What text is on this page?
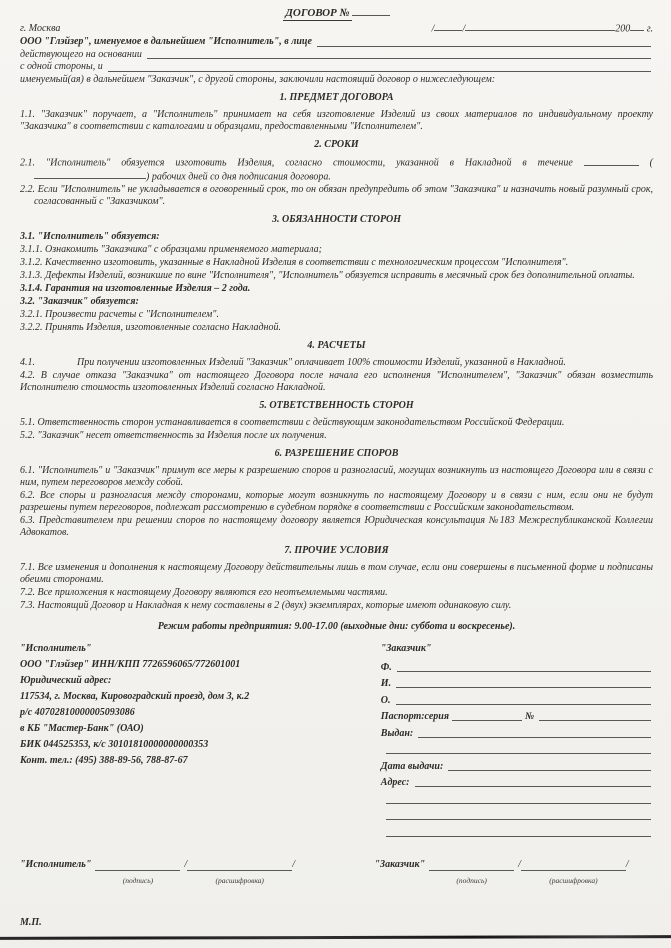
ДОГОВОР №
г. Москва	/	/	200 г.
ООО "Глэйзер", именуемое в дальнейшем "Исполнитель", в лице
действующего на основании
с одной стороны, и
именуемый(ая) в дальнейшем "Заказчик", с другой стороны, заключили настоящий договор о нижеследующем:
1. ПРЕДМЕТ ДОГОВОРА

1.1. "Заказчик" поручает, а "Исполнитель" принимает на себя изготовление Изделий из своих материалов по индивидуальному проекту "Заказчика" в соответствии с каталогами и образцами, предоставленными "Исполнителем".

2. СРОКИ

2.1. "Исполнитель" обязуется изготовить Изделия, согласно стоимости, указанной в Накладной в течение	() рабочих дней со дня подписания договора.

2.2. Если "Исполнитель" не укладывается в оговоренный срок, то он обязан предупредить об этом "Заказчика" и назначить новый разумный срок, согласованный с "Заказчиком".

3. ОБЯЗАННОСТИ СТОРОН

3.1. "Исполнитель" обязуется:

3.1.1. Ознакомить "Заказчика" с образцами применяемого материала;

3.1.2. Качественно изготовить, указанные в Накладной Изделия в соответствии с технологическим процессом "Исполнителя".

3.1.3. Дефекты Изделий, возникшие по вине "Исполнителя", "Исполнитель" обязуется исправить в месячный срок без дополнительной оплаты.

3.1.4. Гарантия на изготовленные Изделия – 2 года.

3.2. "Заказчик" обязуется:

3.2.1. Произвести расчеты с "Исполнителем".

3.2.2. Принять Изделия, изготовленные согласно Накладной.

4. РАСЧЕТЫ

4.1.	При получении изготовленных Изделий "Заказчик" оплачивает 100% стоимости Изделий, указанной в Накладной.

4.2. В случае отказа "Заказчика" от настоящего Договора после начала его исполнения "Исполнителем", "Заказчик" обязан возместить Исполнителю стоимость изготовленных Изделий согласно Накладной.

5. ОТВЕТСТВЕННОСТЬ СТОРОН

5.1. Ответственность сторон устанавливается в соответствии с действующим законодательством Российской Федерации.

5.2. "Заказчик" несет ответственность за Изделия после их получения.

6. РАЗРЕШЕНИЕ СПОРОВ

6.1. "Исполнитель" и "Заказчик" примут все меры к разрешению споров и разногласий, могущих возникнуть из настоящего Договора или в связи с ним, путем переговоров между собой.

6.2. Все споры и разногласия между сторонами, которые могут возникнуть по настоящему Договору и в связи с ним, если они не будут разрешены путем переговоров, подлежат рассмотрению в судебном порядке в соответствии с Российским законодательством.

6.3. Представителем при решении споров по настоящему договору является Юридическая консультация №183 Межреспубликанской Коллегии Адвокатов.

7. ПРОЧИЕ УСЛОВИЯ

7.1. Все изменения и дополнения к настоящему Договору действительны лишь в том случае, если они совершены в письменной форме и подписаны обеими сторонами.

7.2. Все приложения к настоящему Договору являются его неотъемлемыми частями.

7.3. Настоящий Договор и Накладная к нему составлены в 2 (двух) экземплярах, которые имеют одинаковую силу.

Режим работы предприятия: 9.00-17.00 (выходные дни: суббота и воскресенье).
"Исполнитель"
ООО "Глэйзер" ИНН/КПП 7726596065/772601001
Юридический адрес:
117534, г. Москва, Кировоградский проезд, дом 3, к.2
р/с 40702810000005093086
в КБ "Мастер-Банк" (ОАО)
БИК 044525353, к/с 30101810000000000353
Конт. тел.: (495) 388-89-56, 788-87-67
"Заказчик"
Ф.
И.
О.
Паспорт:серия	№
Выдан:
Дата выдачи:
Адрес:
"Исполнитель"
(подпись)
/	/
(расшифровка)
"Заказчик"
(подпись)
/	/
(расшифровка)
М.П.
